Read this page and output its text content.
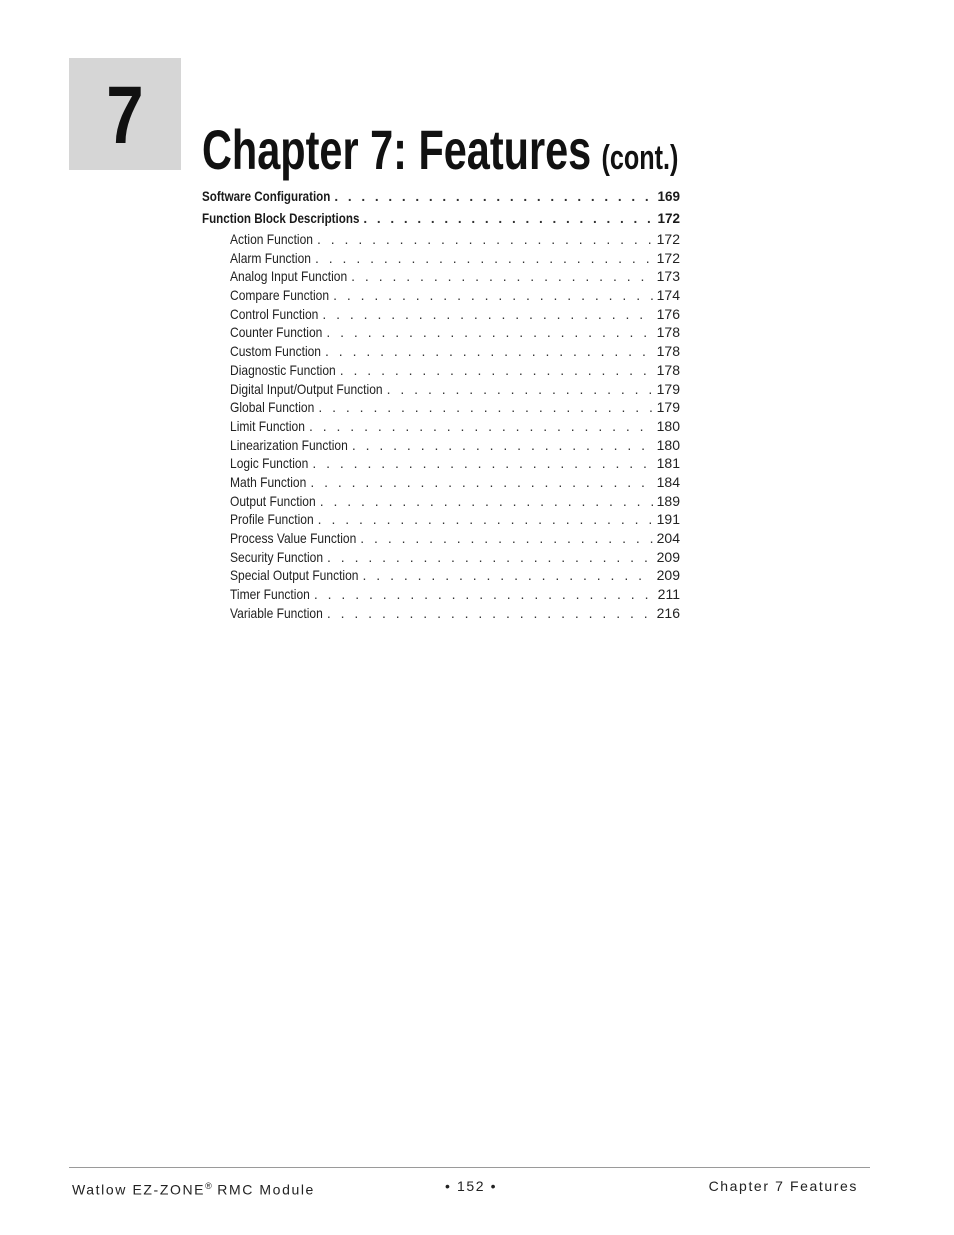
7	Chapter 7: Features (cont.)
Software Configuration . . .	169
Function Block Descriptions . . .	172
Action Function . . .	172
Alarm Function . . .	172
Analog Input Function . . .	173
Compare Function . . .	174
Control Function . . .	176
Counter Function . . .	178
Custom Function . . .	178
Diagnostic Function . . .	178
Digital Input/Output Function . . .	179
Global Function . . .	179
Limit Function . . .	180
Linearization Function . . .	180
Logic Function . . .	181
Math Function . . .	184
Output Function . . .	189
Profile Function . . .	191
Process Value Function . . .	204
Security Function . . .	209
Special Output Function . . .	209
Timer Function . . .	211
Variable Function . . .	216
Watlow EZ-ZONE® RMC Module	• 152 •	Chapter 7 Features
